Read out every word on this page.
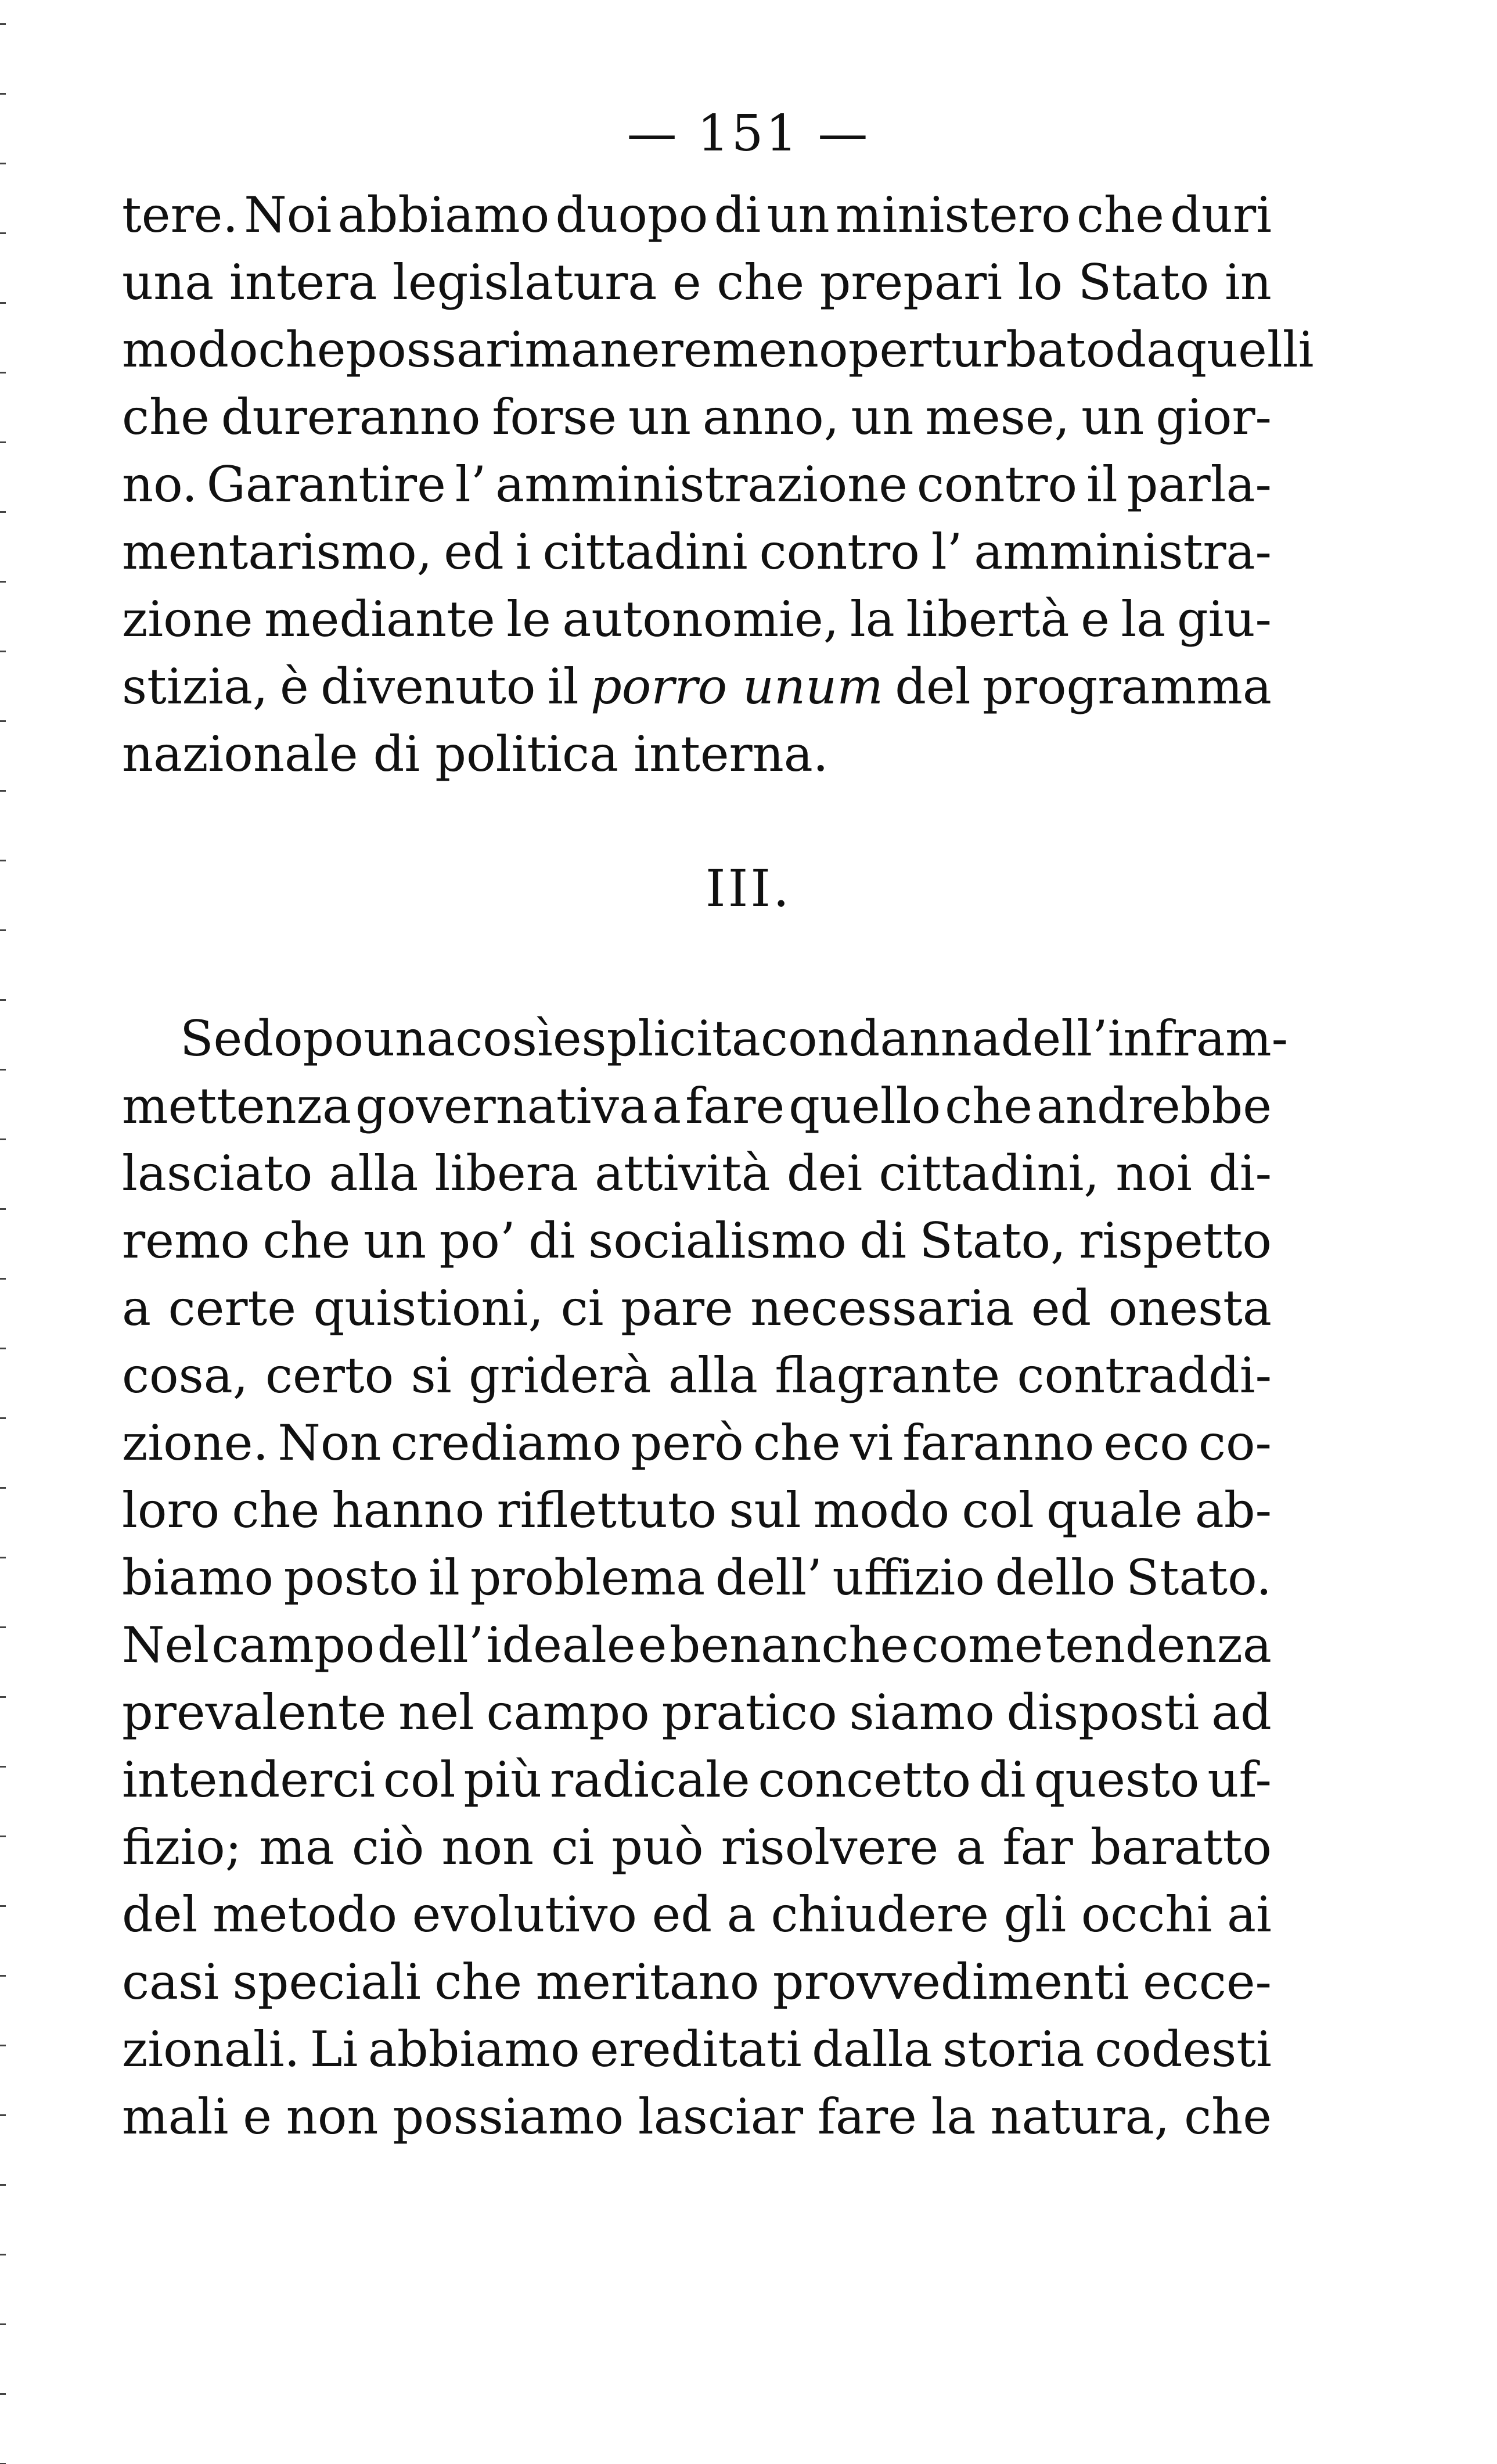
— 151 —
tere. Noi abbiamo duopo di un ministero che duri
una intera legislatura e che prepari lo Stato in
modo che possa rimanere meno perturbato da quelli
che dureranno forse un anno, un mese, un gior-
no. Garantire l’ amministrazione contro il parla-
mentarismo, ed i cittadini contro l’ amministra-
zione mediante le autonomie, la libertà e la giu-
stizia, è divenuto il porro unum del programma
nazionale di politica interna.
III.
Se dopo una così esplicita condanna dell’infram-
mettenza governativa a fare quello che andrebbe
lasciato alla libera attività dei cittadini, noi di-
remo che un po’ di socialismo di Stato, rispetto
a certe quistioni, ci pare necessaria ed onesta
cosa, certo si griderà alla flagrante contraddi-
zione. Non crediamo però che vi faranno eco co-
loro che hanno riflettuto sul modo col quale ab-
biamo posto il problema dell’ uffizio dello Stato.
Nel campo dell’ ideale e benanche come tendenza
prevalente nel campo pratico siamo disposti ad
intenderci col più radicale concetto di questo uf-
fizio; ma ciò non ci può risolvere a far baratto
del metodo evolutivo ed a chiudere gli occhi ai
casi speciali che meritano provvedimenti ecce-
zionali. Li abbiamo ereditati dalla storia codesti
mali e non possiamo lasciar fare la natura, che
